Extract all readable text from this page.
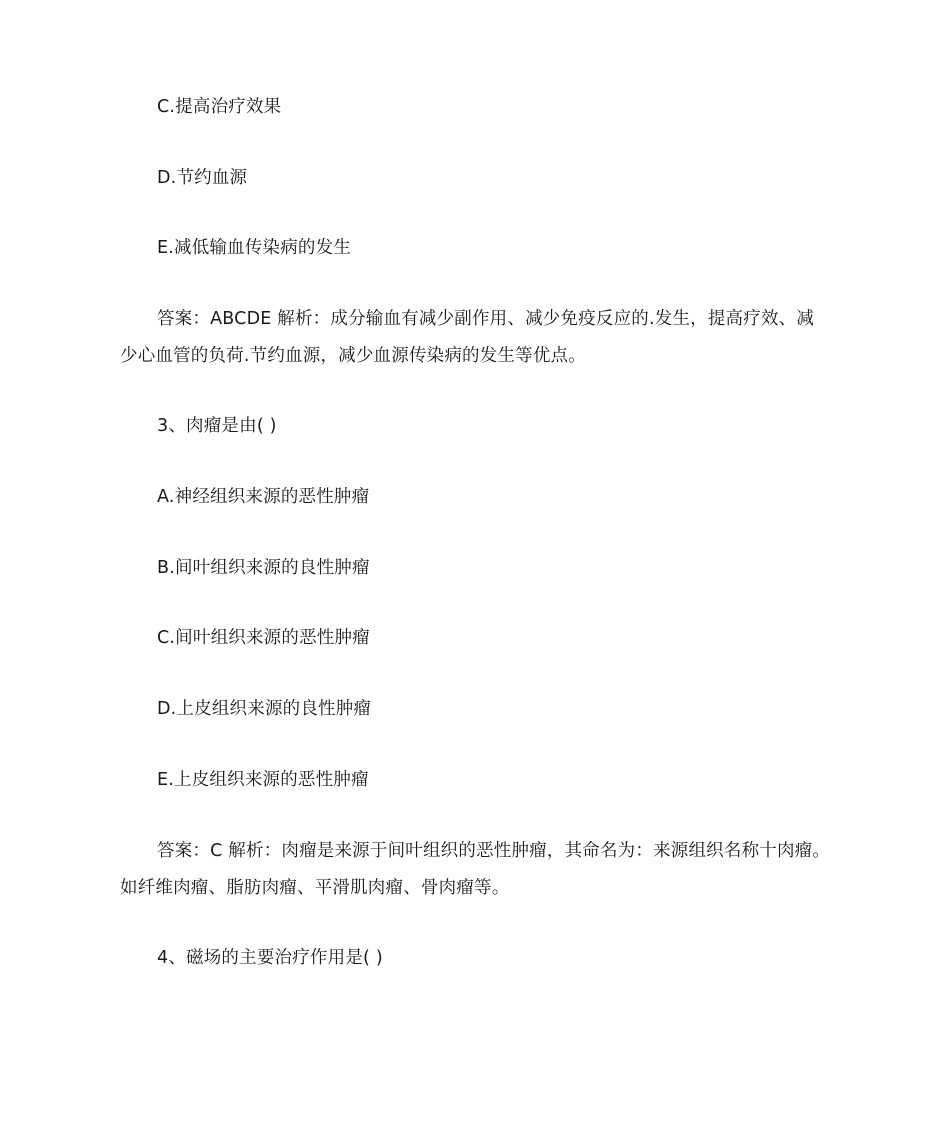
C.提高治疗效果
D.节约血源
E.减低输血传染病的发生
答案：ABCDE 解析：成分输血有减少副作用、减少免疫反应的.发生，提高疗效、减
少心血管的负荷.节约血源，减少血源传染病的发生等优点。
3、肉瘤是由( )
A.神经组织来源的恶性肿瘤
B.间叶组织来源的良性肿瘤
C.间叶组织来源的恶性肿瘤
D.上皮组织来源的良性肿瘤
E.上皮组织来源的恶性肿瘤
答案：C 解析：肉瘤是来源于间叶组织的恶性肿瘤，其命名为：来源组织名称十肉瘤。
如纤维肉瘤、脂肪肉瘤、平滑肌肉瘤、骨肉瘤等。
4、磁场的主要治疗作用是( )
